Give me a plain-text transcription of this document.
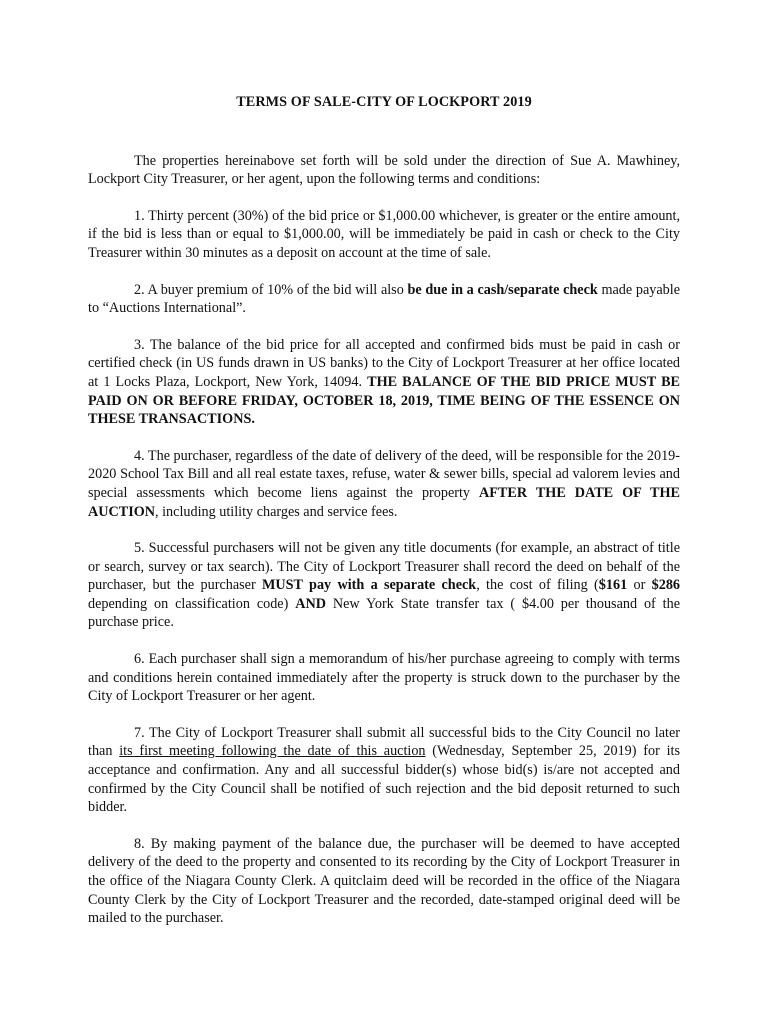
TERMS OF SALE-CITY OF LOCKPORT 2019

The properties hereinabove set forth will be sold under the direction of Sue A. Mawhiney, Lockport City Treasurer, or her agent, upon the following terms and conditions:

1. Thirty percent (30%) of the bid price or $1,000.00 whichever, is greater or the entire amount, if the bid is less than or equal to $1,000.00, will be immediately be paid in cash or check to the City Treasurer within 30 minutes as a deposit on account at the time of sale.

2. A buyer premium of 10% of the bid will also be due in a cash/separate check made payable to “Auctions International”.

3. The balance of the bid price for all accepted and confirmed bids must be paid in cash or certified check (in US funds drawn in US banks) to the City of Lockport Treasurer at her office located at 1 Locks Plaza, Lockport, New York, 14094. THE BALANCE OF THE BID PRICE MUST BE PAID ON OR BEFORE FRIDAY, OCTOBER 18, 2019, TIME BEING OF THE ESSENCE ON THESE TRANSACTIONS.

4. The purchaser, regardless of the date of delivery of the deed, will be responsible for the 2019-2020 School Tax Bill and all real estate taxes, refuse, water & sewer bills, special ad valorem levies and special assessments which become liens against the property AFTER THE DATE OF THE AUCTION, including utility charges and service fees.

5. Successful purchasers will not be given any title documents (for example, an abstract of title or search, survey or tax search). The City of Lockport Treasurer shall record the deed on behalf of the purchaser, but the purchaser MUST pay with a separate check, the cost of filing ($161 or $286 depending on classification code) AND New York State transfer tax ( $4.00 per thousand of the purchase price.

6. Each purchaser shall sign a memorandum of his/her purchase agreeing to comply with terms and conditions herein contained immediately after the property is struck down to the purchaser by the City of Lockport Treasurer or her agent.

7. The City of Lockport Treasurer shall submit all successful bids to the City Council no later than its first meeting following the date of this auction (Wednesday, September 25, 2019) for its acceptance and confirmation. Any and all successful bidder(s) whose bid(s) is/are not accepted and confirmed by the City Council shall be notified of such rejection and the bid deposit returned to such bidder.

8. By making payment of the balance due, the purchaser will be deemed to have accepted delivery of the deed to the property and consented to its recording by the City of Lockport Treasurer in the office of the Niagara County Clerk. A quitclaim deed will be recorded in the office of the Niagara County Clerk by the City of Lockport Treasurer and the recorded, date-stamped original deed will be mailed to the purchaser.
